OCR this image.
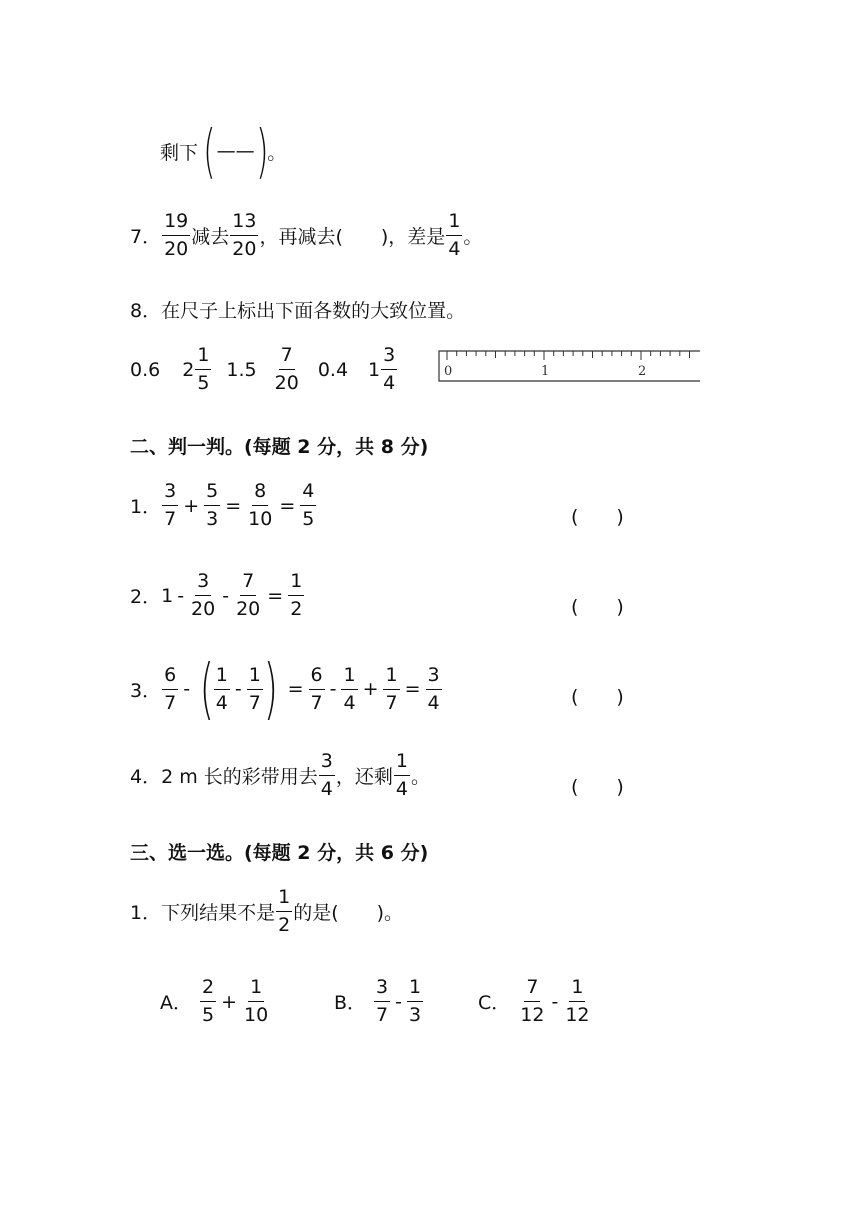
剩下 ( —— ) 。
7． $\frac{19}{20}$ 减去 $\frac{13}{20}$ ，再减去(　　)，差是 $\frac{1}{4}$ 。
8． 在尺子上标出下面各数的大致位置。
0.6 $2 \frac{1}{5} 1.5 \frac{7}{20} 0.4$ $1 \frac{3}{4}$	0	1	2
二、判一判。(每题 2 分，共 8 分)
1． $\frac{3}{7} + \frac{5}{3} = \frac{8}{10} = \frac{4}{5}$	(　　)
2． $1 - \frac{3}{20} - \frac{7}{20} = \frac{1}{2}$	(　　)
3． $\frac{6}{7}$ - ( $\frac{1}{4} - \frac{1}{7}$ ) = $\frac{6}{7} - \frac{1}{4} + \frac{1}{7} = \frac{3}{4}$	(　　)
4． 2 m 长的彩带用去 $\frac{3}{4}$ ，还剩 $\frac{1}{4}$ 。	(　　)
三、选一选。(每题 2 分，共 6 分)
1． 下列结果不是 $\frac{1}{2}$ 的是(　　)。
A． $\frac{2}{5} + \frac{1}{10}$	B． $\frac{3}{7} - \frac{1}{3}$	C． $\frac{7}{12} - \frac{1}{12}$
